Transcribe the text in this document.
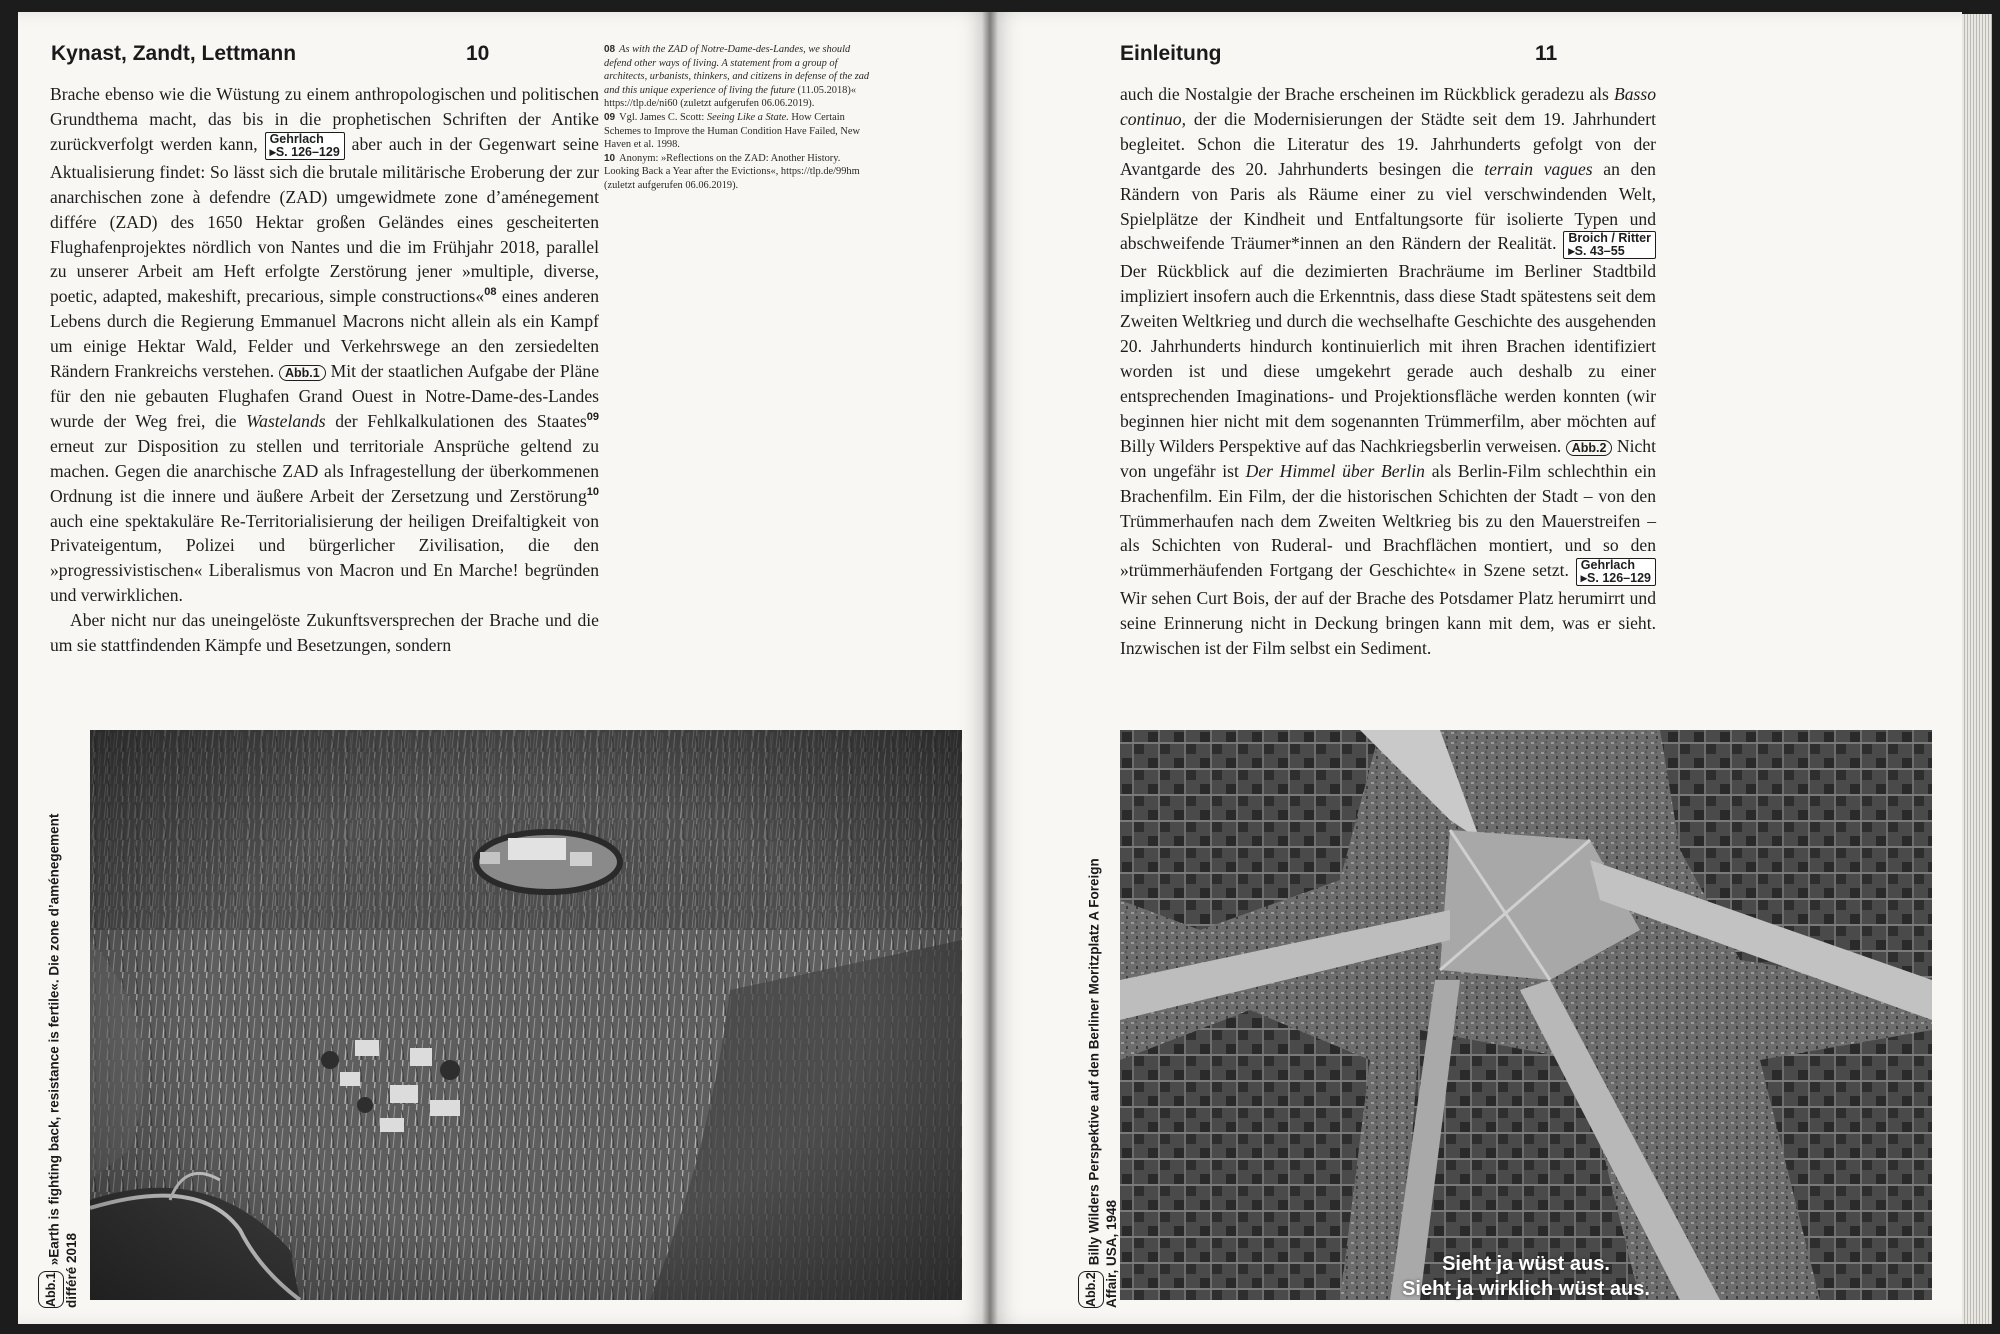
Kynast, Zandt, Lettmann	10	08 As with the ZAD of Notre-Dame-des-Landes, we should defend other ways of living. A statement from a group of architects, urbanists, thinkers, and citizens in defense of the zad and this unique experience of living the future (11.05.2018)« https://tlp.de/ni60 (zuletzt aufgerufen 06.06.2019).

09 Vgl. James C. Scott: Seeing Like a State. How Certain Schemes to Improve the Human Condition Have Failed, New Haven et al. 1998.

10 Anonym: »Reflections on the ZAD: Another History. Looking Back a Year after the Evictions«, https://tlp.de/99hm (zuletzt aufgerufen 06.06.2019).

Brache ebenso wie die Wüstung zu einem anthropologischen und politischen Grundthema macht, das bis in die prophetischen Schriften der Antike zurückverfolgt werden kann, Gehrlach
▸S. 126–129 aber auch in der Gegenwart seine Aktualisierung findet: So lässt sich die brutale militärische Eroberung der zur anarchischen zone à defendre (ZAD) umgewidmete zone d’aménegement différe (ZAD) des 1650 Hektar großen Geländes eines gescheiterten Flughafenprojektes nördlich von Nantes und die im Frühjahr 2018, parallel zu unserer Arbeit am Heft erfolgte Zerstörung jener »multiple, diverse, poetic, adapted, makeshift, precarious, simple constructions«$^{08}$ eines anderen Lebens durch die Regierung Emmanuel Macrons nicht allein als ein Kampf um einige Hektar Wald, Felder und Verkehrswege an den zersiedelten Rändern Frankreichs verstehen. Abb.1 Mit der staatlichen Aufgabe der Pläne für den nie gebauten Flughafen Grand Ouest in Notre-Dame-des-Landes wurde der Weg frei, die Wastelands der Fehlkalkulationen des Staates$^{09}$ erneut zur Disposition zu stellen und territoriale Ansprüche geltend zu machen. Gegen die anarchische ZAD als Infragestellung der überkommenen Ordnung ist die innere und äußere Arbeit der Zersetzung und Zerstörung$^{10}$ auch eine spektakuläre Re-Territorialisierung der heiligen Dreifaltigkeit von Privateigentum, Polizei und bürgerlicher Zivilisation, die den »progressivistischen« Liberalismus von Macron und En Marche! begründen und verwirklichen.

Aber nicht nur das uneingelöste Zukunftsversprechen der Brache und die um sie stattfindenden Kämpfe und Besetzungen, sondern

Abb.1»Earth is fighting back, resistance is fertile«. Die zone d’aménegement
différé 2018
Einleitung	11

auch die Nostalgie der Brache erscheinen im Rückblick geradezu als Basso continuo, der die Modernisierungen der Städte seit dem 19. Jahrhundert begleitet. Schon die Literatur des 19. Jahrhunderts gefolgt von der Avantgarde des 20. Jahrhunderts besingen die terrain vagues an den Rändern von Paris als Räume einer zu viel verschwindenden Welt, Spielplätze der Kindheit und Entfaltungsorte für isolierte Typen und abschweifende Träumer*innen an den Rändern der Realität. Broich / Ritter
▸S. 43–55 Der Rückblick auf die dezimierten Brachräume im Berliner Stadtbild impliziert insofern auch die Erkenntnis, dass diese Stadt spätestens seit dem Zweiten Weltkrieg und durch die wechselhafte Geschichte des ausgehenden 20. Jahrhunderts hindurch kontinuierlich mit ihren Brachen identifiziert worden ist und diese umgekehrt gerade auch deshalb zu einer entsprechenden Imaginations- und Projektionsfläche werden konnten (wir beginnen hier nicht mit dem sogenannten Trümmerfilm, aber möchten auf Billy Wilders Perspektive auf das Nachkriegsberlin verweisen. Abb.2 Nicht von ungefähr ist Der Himmel über Berlin als Berlin-Film schlechthin ein Brachenfilm. Ein Film, der die historischen Schichten der Stadt – von den Trümmerhaufen nach dem Zweiten Weltkrieg bis zu den Mauerstreifen – als Schichten von Ruderal- und Brachflächen montiert, und so den »trümmerhäufenden Fortgang der Geschichte« in Szene setzt. Gehrlach
▸S. 126–129 Wir sehen Curt Bois, der auf der Brache des Potsdamer Platz herumirrt und seine Erinnerung nicht in Deckung bringen kann mit dem, was er sieht. Inzwischen ist der Film selbst ein Sediment.

Abb.2Billy Wilders Perspektive auf den Berliner Moritzplatz A Foreign Affair, USA, 1948	Sieht ja wüst aus.
Sieht ja wirklich wüst aus.
